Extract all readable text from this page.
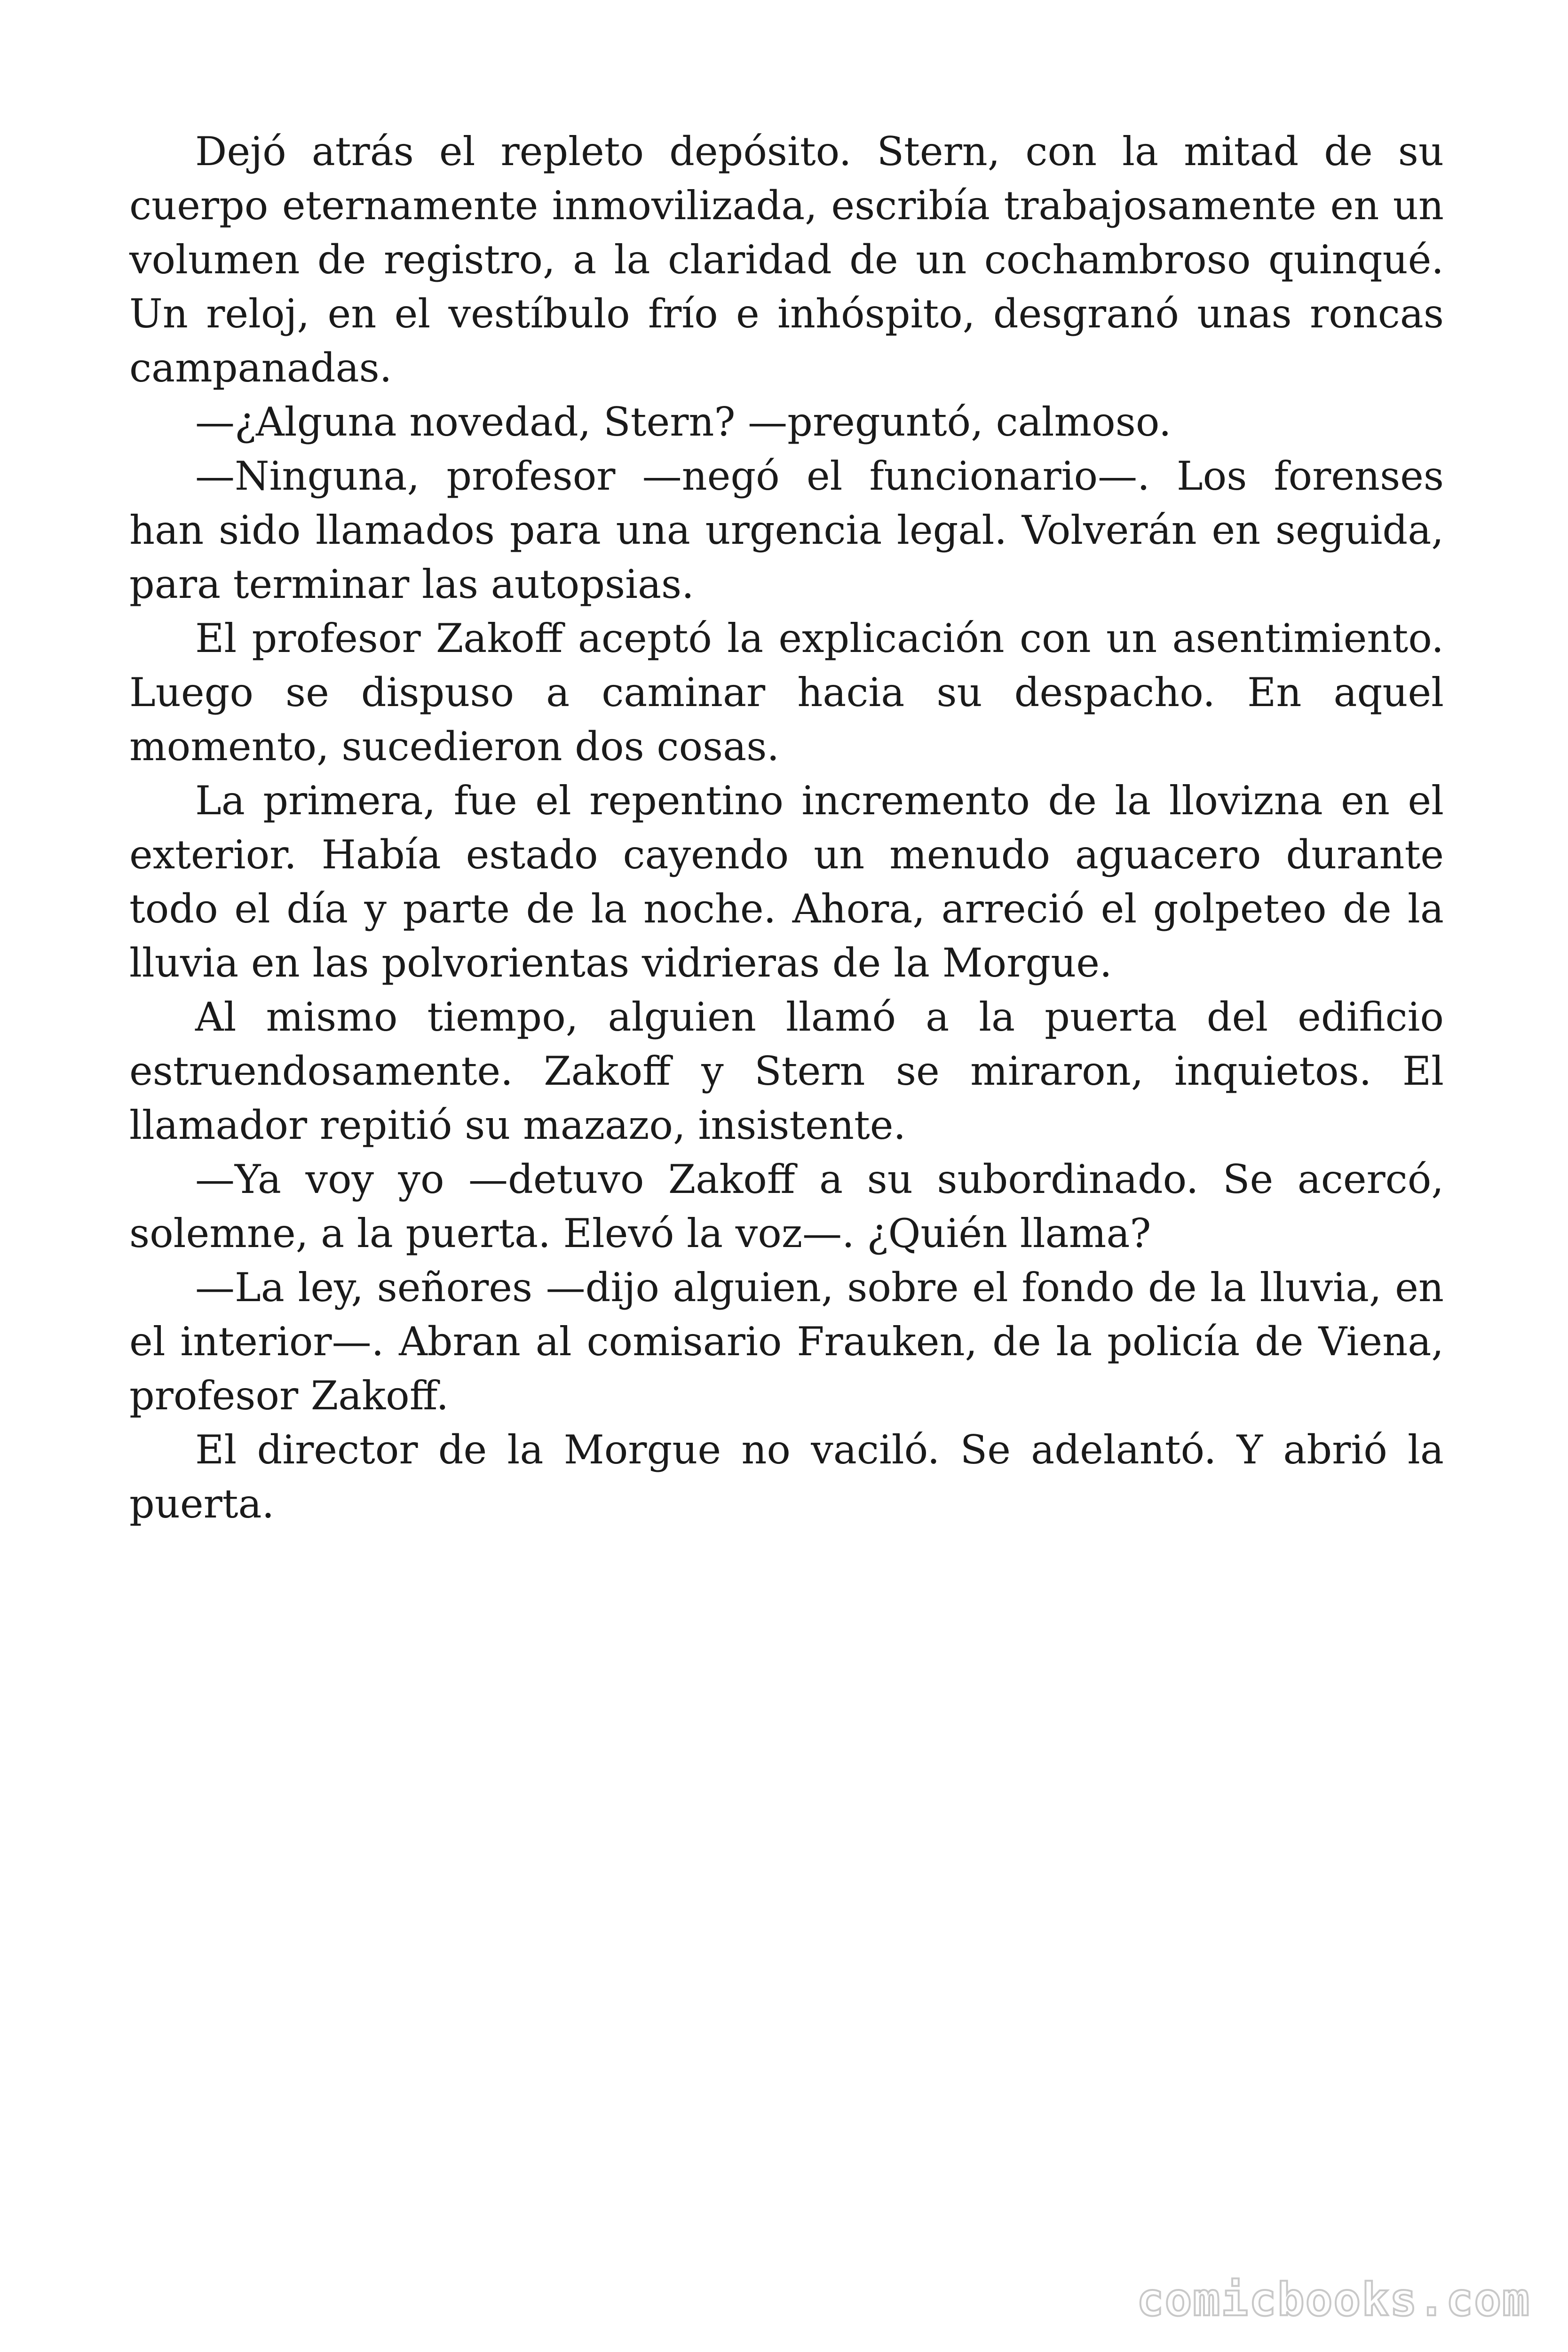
Dejó atrás el repleto depósito. Stern, con la mitad de su cuerpo eternamente inmovilizada, escribía trabajosamente en un volumen de registro, a la claridad de un cochambroso quinqué. Un reloj, en el vestíbulo frío e inhóspito, desgranó unas roncas campanadas.

—¿Alguna novedad, Stern? —preguntó, calmoso.

—Ninguna, profesor —negó el funcionario—. Los forenses han sido llamados para una urgencia legal. Volverán en seguida, para terminar las autopsias.

El profesor Zakoff aceptó la explicación con un asentimiento. Luego se dispuso a caminar hacia su despacho. En aquel momento, sucedieron dos cosas.

La primera, fue el repentino incremento de la llovizna en el exterior. Había estado cayendo un menudo aguacero durante todo el día y parte de la noche. Ahora, arreció el golpeteo de la lluvia en las polvorientas vidrieras de la Morgue.

Al mismo tiempo, alguien llamó a la puerta del edificio estruendosamente. Zakoff y Stern se miraron, inquietos. El llamador repitió su mazazo, insistente.

—Ya voy yo —detuvo Zakoff a su subordinado. Se acercó, solemne, a la puerta. Elevó la voz—. ¿Quién llama?

—La ley, señores —dijo alguien, sobre el fondo de la lluvia, en el interior—. Abran al comisario Frauken, de la policía de Viena, profesor Zakoff.

El director de la Morgue no vaciló. Se adelantó. Y abrió la puerta.

comicbooks.com
